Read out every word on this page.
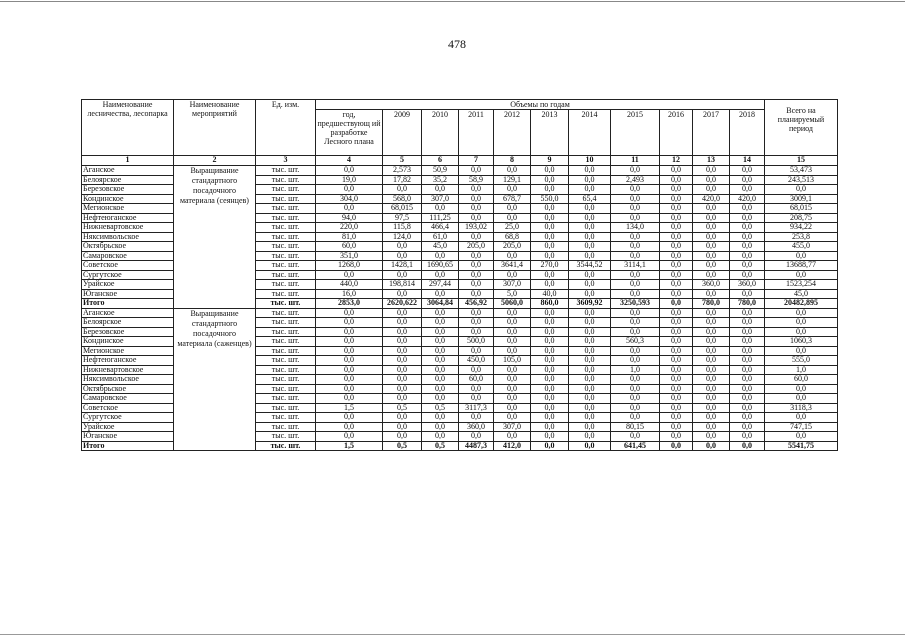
478
Наименование лесничества, лесопарка	Наименование мероприятий	Ед. изм.	Объемы по годам											Всего на планируемый период
			год, предшествующ ий разработке Лесного плана	2009	2010	2011	2012	2013	2014	2015	2016	2017	2018	
1	2	3	4	5	6	7	8	9	10	11	12	13	14	15
Аганское	Выращивание стандартного посадочного материала (сеянцев)	тыс. шт.	0,0	2,573	50,9	0,0	0,0	0,0	0,0	0,0	0,0	0,0	0,0	53,473
Белоярское		тыс. шт.	19,0	17,82	35,2	58,9	129,1	0,0	0,0	2,493	0,0	0,0	0,0	243,513
Березовское		тыс. шт.	0,0	0,0	0,0	0,0	0,0	0,0	0,0	0,0	0,0	0,0	0,0	0,0
Кондинское		тыс. шт.	304,0	568,0	307,0	0,0	678,7	550,0	65,4	0,0	0,0	420,0	420,0	3009,1
Мегионское		тыс. шт.	0,0	68,015	0,0	0,0	0,0	0,0	0,0	0,0	0,0	0,0	0,0	68,015
Нефтеюганское		тыс. шт.	94,0	97,5	111,25	0,0	0,0	0,0	0,0	0,0	0,0	0,0	0,0	208,75
Нижневартовское		тыс. шт.	220,0	115,8	466,4	193,02	25,0	0,0	0,0	134,0	0,0	0,0	0,0	934,22
Няксимвольское		тыс. шт.	81,0	124,0	61,0	0,0	68,8	0,0	0,0	0,0	0,0	0,0	0,0	253,8
Октябрьское		тыс. шт.	60,0	0,0	45,0	205,0	205,0	0,0	0,0	0,0	0,0	0,0	0,0	455,0
Самаровское		тыс. шт.	351,0	0,0	0,0	0,0	0,0	0,0	0,0	0,0	0,0	0,0	0,0	0,0
Советское		тыс. шт.	1268,0	1428,1	1690,65	0,0	3641,4	270,0	3544,52	3114,1	0,0	0,0	0,0	13688,77
Сургутское		тыс. шт.	0,0	0,0	0,0	0,0	0,0	0,0	0,0	0,0	0,0	0,0	0,0	0,0
Урайское		тыс. шт.	440,0	198,814	297,44	0,0	307,0	0,0	0,0	0,0	0,0	360,0	360,0	1523,254
Юганское		тыс. шт.	16,0	0,0	0,0	0,0	5,0	40,0	0,0	0,0	0,0	0,0	0,0	45,0
Итого		тыс. шт.	2853,0	2620,622	3064,84	456,92	5060,0	860,0	3609,92	3250,593	0,0	780,0	780,0	20482,895
Аганское	Выращивание стандартного посадочного материала (саженцев)	тыс. шт.	0,0	0,0	0,0	0,0	0,0	0,0	0,0	0,0	0,0	0,0	0,0	0,0
Белоярское		тыс. шт.	0,0	0,0	0,0	0,0	0,0	0,0	0,0	0,0	0,0	0,0	0,0	0,0
Березовское		тыс. шт.	0,0	0,0	0,0	0,0	0,0	0,0	0,0	0,0	0,0	0,0	0,0	0,0
Кондинское		тыс. шт.	0,0	0,0	0,0	500,0	0,0	0,0	0,0	560,3	0,0	0,0	0,0	1060,3
Мегионское		тыс. шт.	0,0	0,0	0,0	0,0	0,0	0,0	0,0	0,0	0,0	0,0	0,0	0,0
Нефтеюганское		тыс. шт.	0,0	0,0	0,0	450,0	105,0	0,0	0,0	0,0	0,0	0,0	0,0	555,0
Нижневартовское		тыс. шт.	0,0	0,0	0,0	0,0	0,0	0,0	0,0	1,0	0,0	0,0	0,0	1,0
Няксимвольское		тыс. шт.	0,0	0,0	0,0	60,0	0,0	0,0	0,0	0,0	0,0	0,0	0,0	60,0
Октябрьское		тыс. шт.	0,0	0,0	0,0	0,0	0,0	0,0	0,0	0,0	0,0	0,0	0,0	0,0
Самаровское		тыс. шт.	0,0	0,0	0,0	0,0	0,0	0,0	0,0	0,0	0,0	0,0	0,0	0,0
Советское		тыс. шт.	1,5	0,5	0,5	3117,3	0,0	0,0	0,0	0,0	0,0	0,0	0,0	3118,3
Сургутское		тыс. шт.	0,0	0,0	0,0	0,0	0,0	0,0	0,0	0,0	0,0	0,0	0,0	0,0
Урайское		тыс. шт.	0,0	0,0	0,0	360,0	307,0	0,0	0,0	80,15	0,0	0,0	0,0	747,15
Юганское		тыс. шт.	0,0	0,0	0,0	0,0	0,0	0,0	0,0	0,0	0,0	0,0	0,0	0,0
Итого		тыс. шт.	1,5	0,5	0,5	4487,3	412,0	0,0	0,0	641,45	0,0	0,0	0,0	5541,75
